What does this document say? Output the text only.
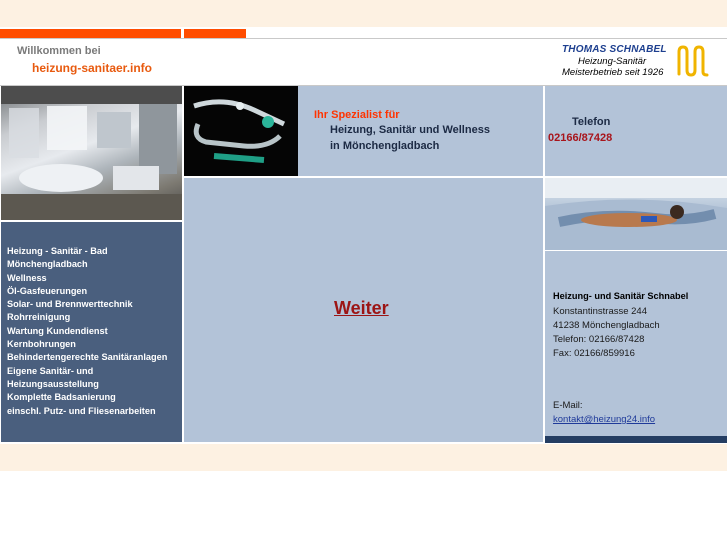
Willkommen bei
heizung-sanitaer.info
THOMAS SCHNABEL
Heizung-Sanitär
Meisterbetrieb seit 1926
Ihr Spezialist für
Heizung, Sanitär und Wellness
in Mönchengladbach
Telefon
02166/87428
Weiter
Heizung - Sanitär - Bad
Mönchengladbach
Wellness
Öl-Gasfeuerungen
Solar- und Brennwerttechnik
Rohrreinigung
Wartung Kundendienst
Kernbohrungen
Behindertengerechte Sanitäranlagen
Eigene Sanitär- und
Heizungsausstellung
Komplette Badsanierung
einschl. Putz- und Fliesenarbeiten
Heizung- und Sanitär Schnabel
Konstantinstrasse 244
41238 Mönchengladbach
Telefon: 02166/87428
Fax: 02166/859916
E-Mail:
kontakt@heizung24.info
